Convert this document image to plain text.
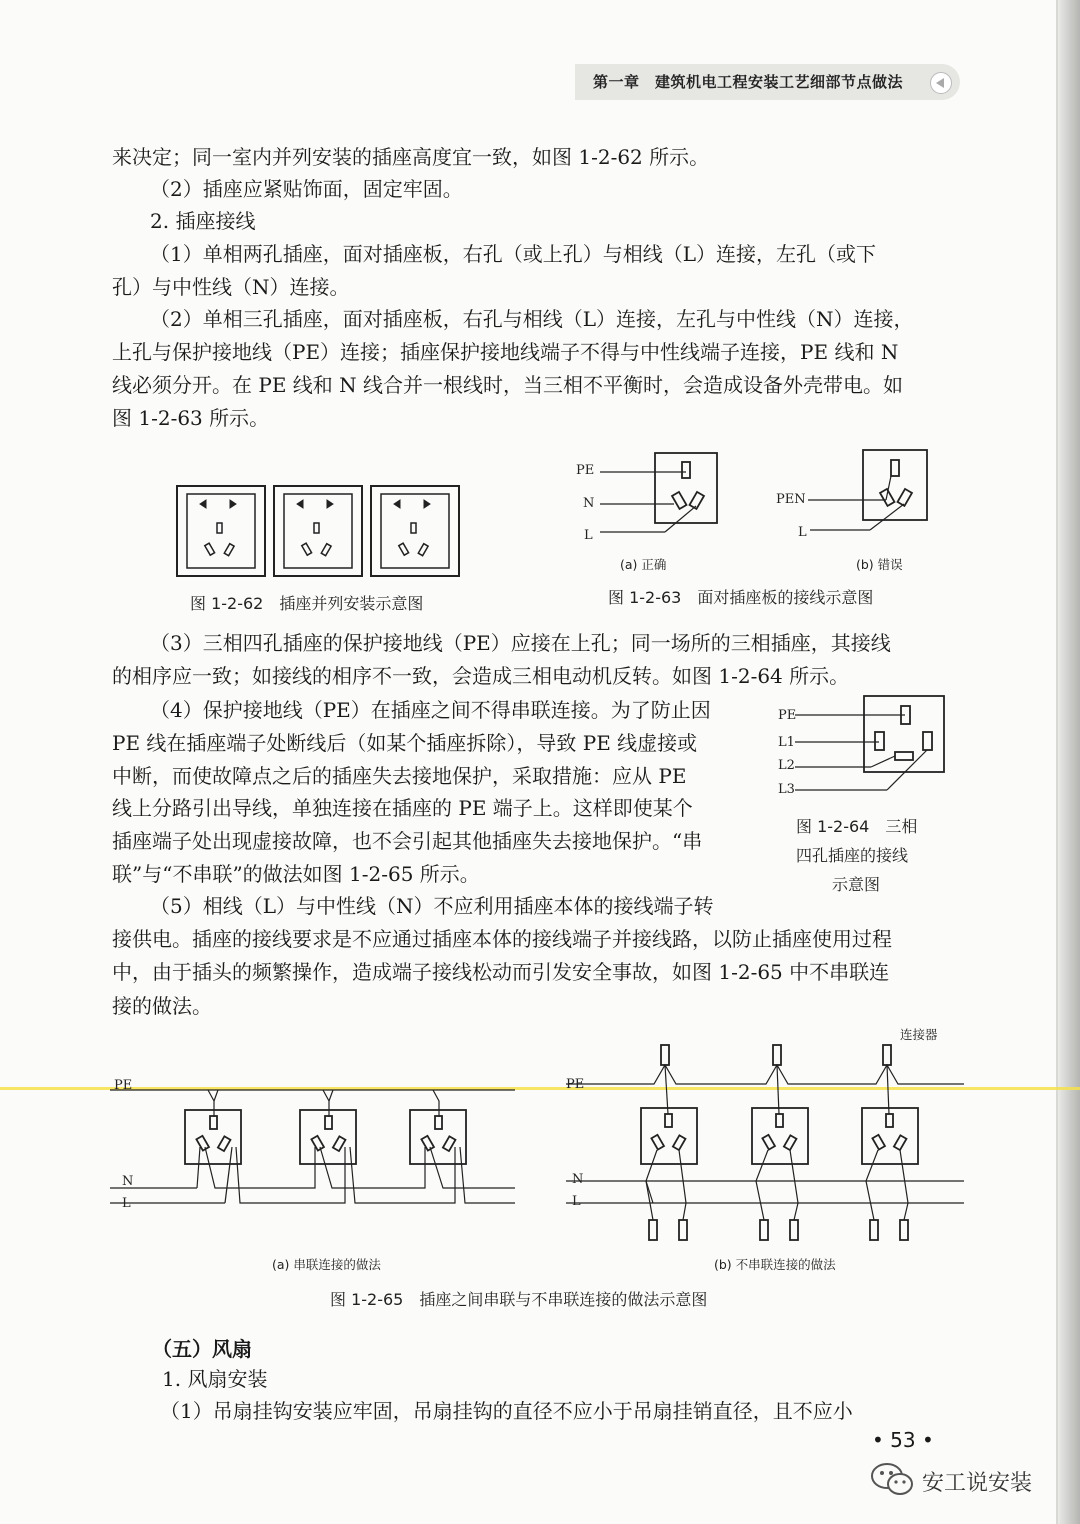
第一章　建筑机电工程安装工艺细部节点做法
来决定；同一室内并列安装的插座高度宜一致，如图 1-2-62 所示。
（2）插座应紧贴饰面，固定牢固。
2. 插座接线
（1）单相两孔插座，面对插座板，右孔（或上孔）与相线（L）连接，左孔（或下
孔）与中性线（N）连接。
（2）单相三孔插座，面对插座板，右孔与相线（L）连接，左孔与中性线（N）连接，
上孔与保护接地线（PE）连接；插座保护接地线端子不得与中性线端子连接，PE 线和 N
线必须分开。在 PE 线和 N 线合并一根线时，当三相不平衡时，会造成设备外壳带电。如
图 1-2-63 所示。
图 1-2-62　插座并列安装示意图
PE
N
L
PEN
L
(a) 正确	(b) 错误
图 1-2-63　面对插座板的接线示意图
（3）三相四孔插座的保护接地线（PE）应接在上孔；同一场所的三相插座，其接线
的相序应一致；如接线的相序不一致，会造成三相电动机反转。如图 1-2-64 所示。
（4）保护接地线（PE）在插座之间不得串联连接。为了防止因
PE 线在插座端子处断线后（如某个插座拆除），导致 PE 线虚接或
中断，而使故障点之后的插座失去接地保护，采取措施：应从 PE
线上分路引出导线，单独连接在插座的 PE 端子上。这样即使某个
插座端子处出现虚接故障，也不会引起其他插座失去接地保护。“串
联”与“不串联”的做法如图 1-2-65 所示。
（5）相线（L）与中性线（N）不应利用插座本体的接线端子转
PE
L1
L2
L3
图 1-2-64　三相
四孔插座的接线
示意图
接供电。插座的接线要求是不应通过插座本体的接线端子并接线路，以防止插座使用过程
中，由于插头的频繁操作，造成端子接线松动而引发安全事故，如图 1-2-65 中不串联连
接的做法。
PE
N
L
(a) 串联连接的做法
连接器
PE
N
L
(b) 不串联连接的做法
图 1-2-65　插座之间串联与不串联连接的做法示意图
（五）风扇
1. 风扇安装
（1）吊扇挂钩安装应牢固，吊扇挂钩的直径不应小于吊扇挂销直径，且不应小
• 53 •
安工说安装
